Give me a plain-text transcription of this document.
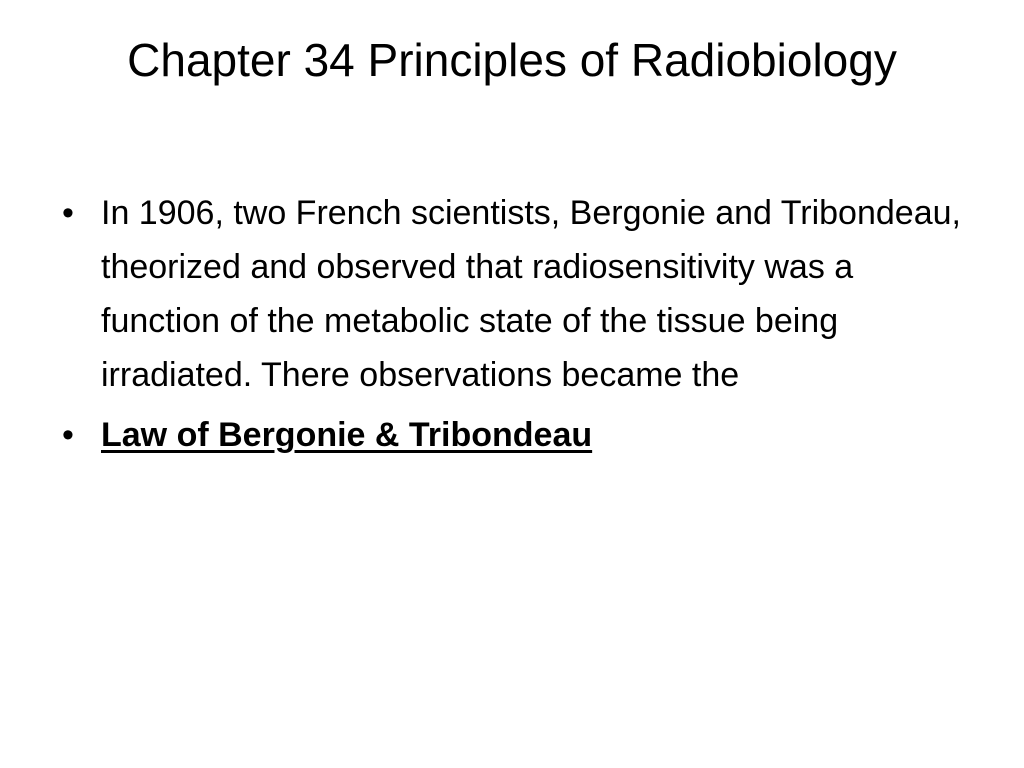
Chapter 34 Principles of Radiobiology
• In 1906, two French scientists, Bergonie and Tribondeau, theorized and observed that radiosensitivity was a function of the metabolic state of the tissue being irradiated. There observations became the
• Law of Bergonie & Tribondeau
